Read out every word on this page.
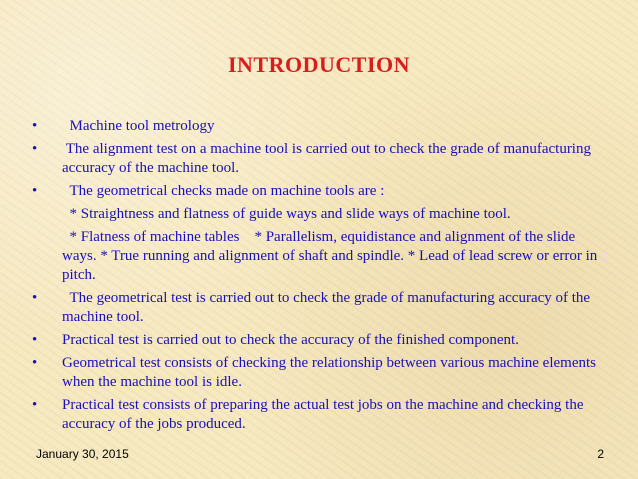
INTRODUCTION
• Machine tool metrology
• The alignment test on a machine tool is carried out to check the grade of manufacturing accuracy of the machine tool.
• The geometrical checks made on machine tools are :
* Straightness and flatness of guide ways and slide ways of machine tool.
* Flatness of machine tables    * Parallelism, equidistance and alignment of the slide ways. * True running and alignment of shaft and spindle. * Lead of lead screw or error in pitch.
• The geometrical test is carried out to check the grade of manufacturing accuracy of the machine tool.
• Practical test is carried out to check the accuracy of the finished component.
• Geometrical test consists of checking the relationship between various machine elements when the machine tool is idle.
• Practical test consists of preparing the actual test jobs on the machine and checking the accuracy of the jobs produced.
January 30, 2015	2
